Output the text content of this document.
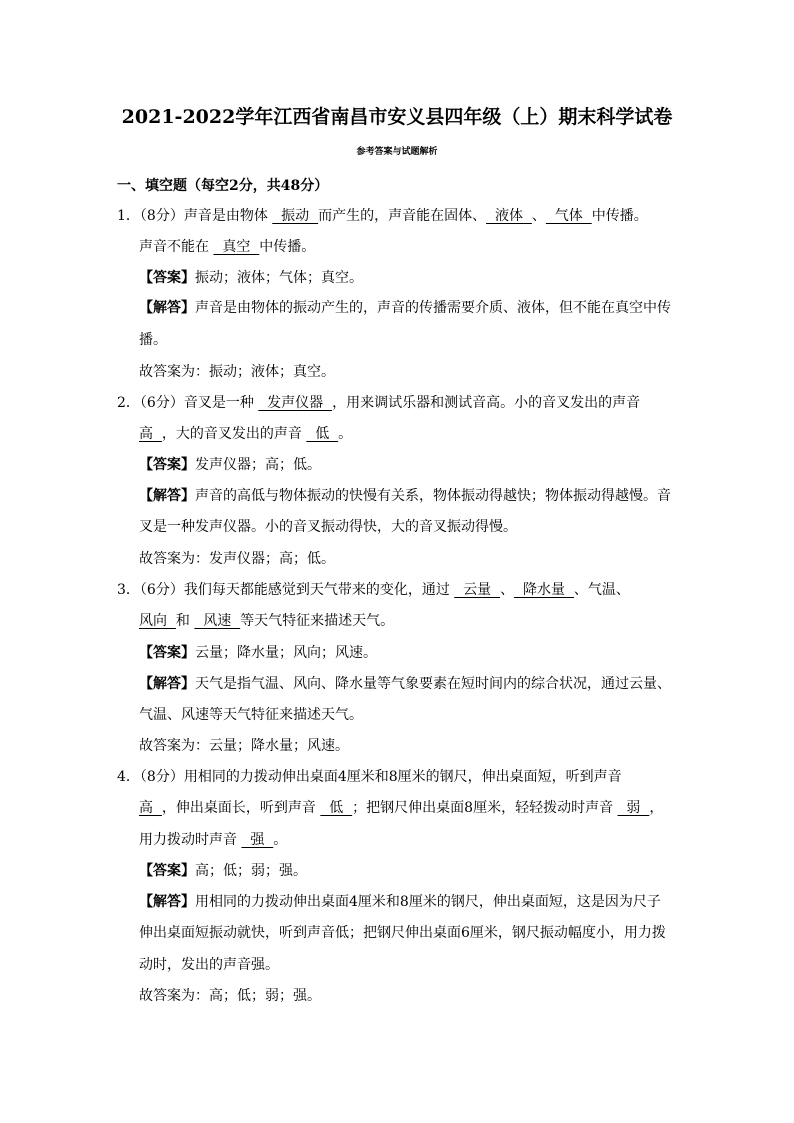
2021-2022学年江西省南昌市安义县四年级（上）期末科学试卷
参考答案与试题解析
一、填空题（每空2分，共48分）
1．（8分）声音是由物体   振动  而产生的，声音能在固体、  液体  、  气体  中传播。
声音不能在   真空  中传播。
【答案】振动；液体；气体；真空。
【解答】声音是由物体的振动产生的，声音的传播需要介质、液体，但不能在真空中传
播。
故答案为：振动；液体；真空。
2．（6分）音叉是一种   发声仪器  ，用来调试乐器和测试音高。小的音叉发出的声音
高  ，大的音叉发出的声音   低  。
【答案】发声仪器；高；低。
【解答】声音的高低与物体振动的快慢有关系，物体振动得越快；物体振动得越慢。音
叉是一种发声仪器。小的音叉振动得快，大的音叉振动得慢。
故答案为：发声仪器；高；低。
3．（6分）我们每天都能感觉到天气带来的变化，通过   云量  、  降水量  、气温、
风向  和   风速  等天气特征来描述天气。
【答案】云量；降水量；风向；风速。
【解答】天气是指气温、风向、降水量等气象要素在短时间内的综合状况，通过云量、
气温、风速等天气特征来描述天气。
故答案为：云量；降水量；风速。
4．（8分）用相同的力拨动伸出桌面4厘米和8厘米的钢尺，伸出桌面短，听到声音
高  ，伸出桌面长，听到声音   低  ；把钢尺伸出桌面8厘米，轻轻拨动时声音   弱  ，
用力拨动时声音   强  。
【答案】高；低；弱；强。
【解答】用相同的力拨动伸出桌面4厘米和8厘米的钢尺，伸出桌面短，这是因为尺子
伸出桌面短振动就快，听到声音低；把钢尺伸出桌面6厘米，钢尺振动幅度小，用力拨
动时，发出的声音强。
故答案为：高；低；弱；强。
